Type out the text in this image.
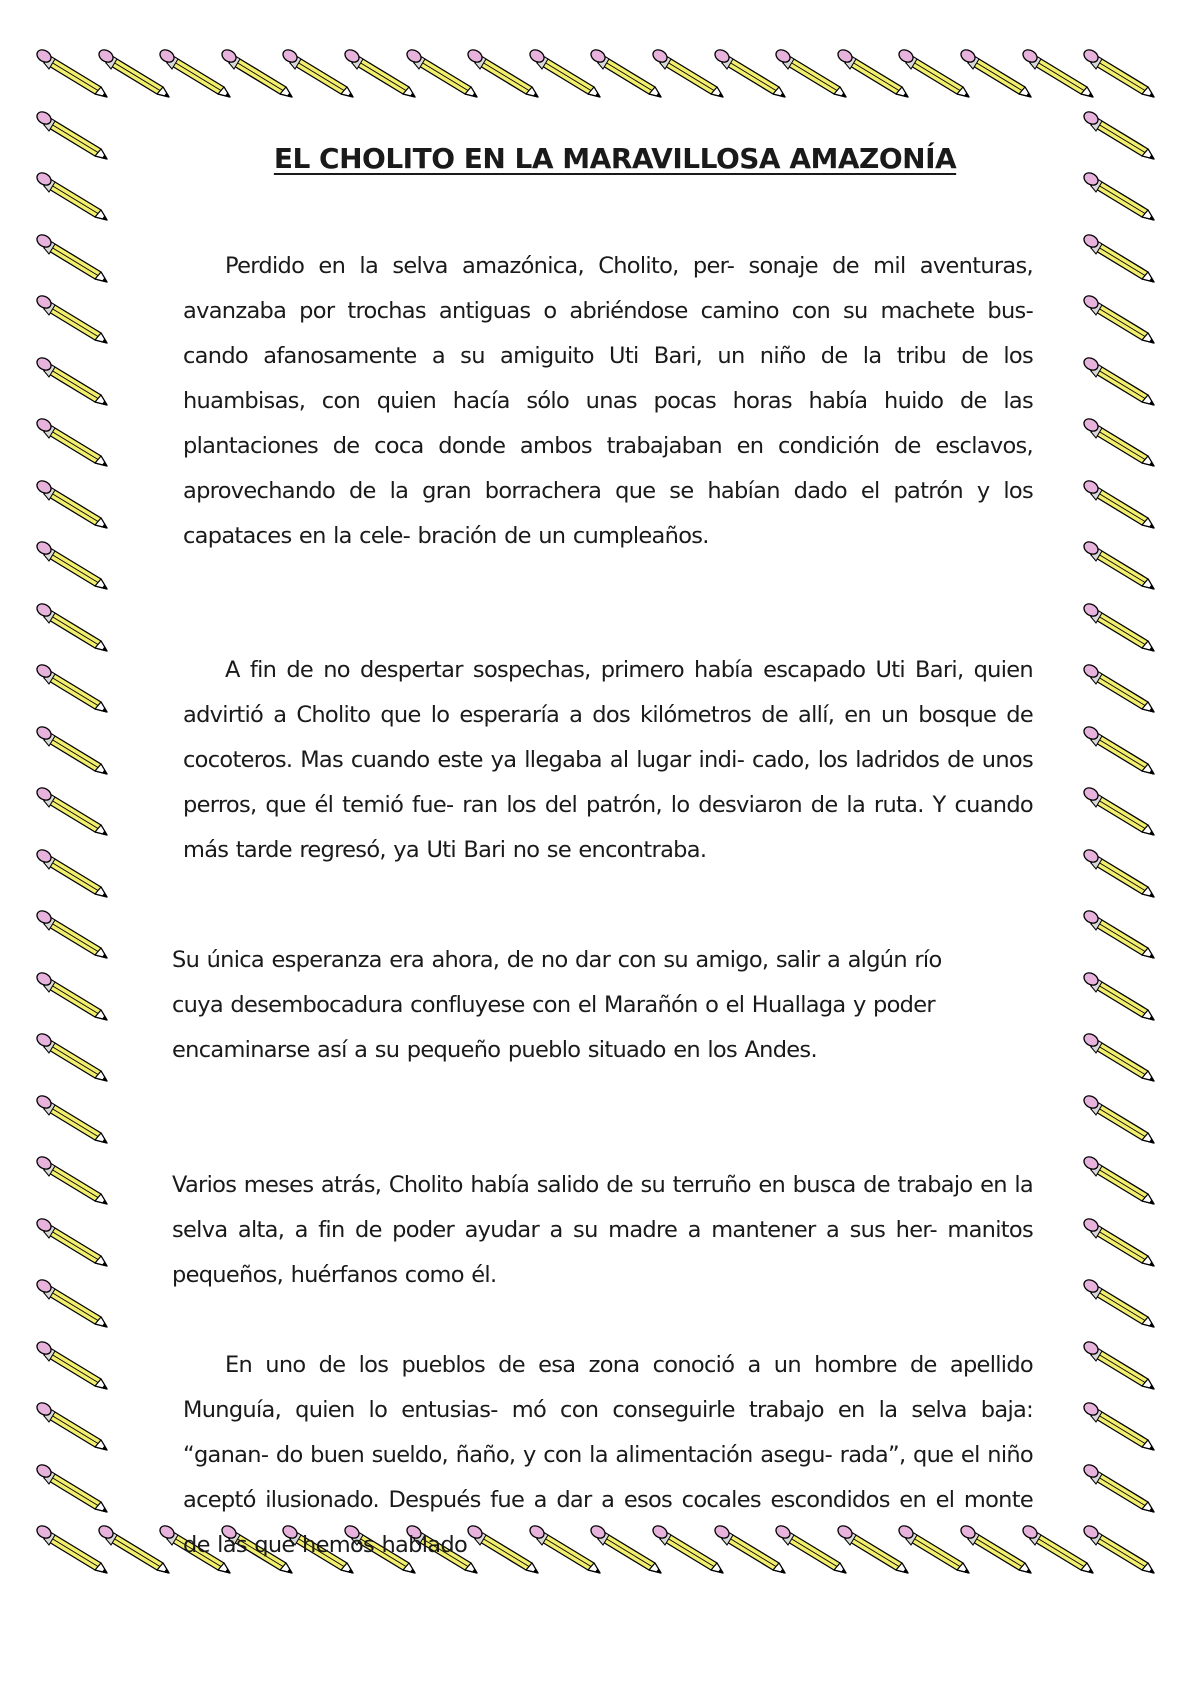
EL CHOLITO EN LA MARAVILLOSA AMAZONÍA

Perdido en la selva amazónica, Cholito, per- sonaje de mil aventuras, avanzaba por trochas antiguas o abriéndose camino con su machete bus- cando afanosamente a su amiguito Uti Bari, un niño de la tribu de los huambisas, con quien hacía sólo unas pocas horas había huido de las plantaciones de coca donde ambos trabajaban en condición de esclavos, aprovechando de la gran borrachera que se habían dado el patrón y los capataces en la cele- bración de un cumpleaños.

A fin de no despertar sospechas, primero había escapado Uti Bari, quien advirtió a Cholito que lo esperaría a dos kilómetros de allí, en un bosque de cocoteros. Mas cuando este ya llegaba al lugar indi- cado, los ladridos de unos perros, que él temió fue- ran los del patrón, lo desviaron de la ruta. Y cuando más tarde regresó, ya Uti Bari no se encontraba.

Su única esperanza era ahora, de no dar con su amigo, salir a algún río cuya desembocadura confluyese con el Marañón o el Huallaga y poder encaminarse así a su pequeño pueblo situado en los Andes.

Varios meses atrás, Cholito había salido de su terruño en busca de trabajo en la selva alta, a fin de poder ayudar a su madre a mantener a sus her- manitos pequeños, huérfanos como él.

En uno de los pueblos de esa zona conoció a un hombre de apellido Munguía, quien lo entusias- mó con conseguirle trabajo en la selva baja: “ganan- do buen sueldo, ñaño, y con la alimentación asegu- rada”, que el niño aceptó ilusionado. Después fue a dar a esos cocales escondidos en el monte de las que hemos hablado
